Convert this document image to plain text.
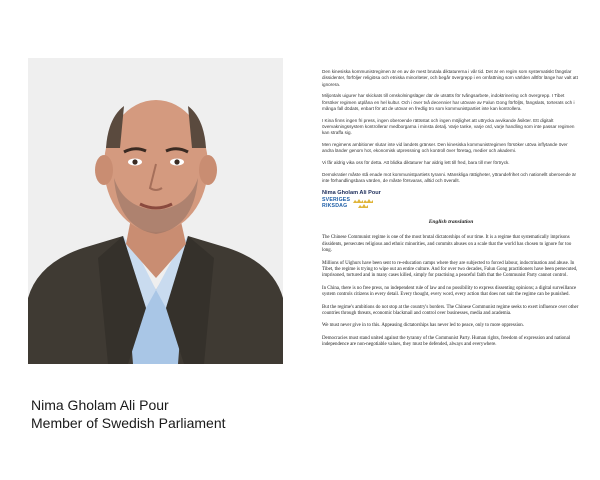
Nima Gholam Ali Pour
Member of Swedish Parliament

Den kinesiska kommunistregimen är en av de mest brutala diktaturerna i vår tid. Det är en regim som systematiskt fängslar dissidenter, förföljer religiösa och etniska minoriteter, och begår övergrepp i en omfattning som världen alltför länge har valt att ignorera.

Miljontals uigurer har skickats till omskolningsläger där de utsätts för tvångsarbete, indoktrinering och övergrepp. I Tibet försöker regimen utplåna en hel kultur. Och i över två decennier har utövare av Falun Gong förföljts, fängslats, torterats och i många fall dödats, enbart för att de utövar en fredlig tro som kommunistpartiet inte kan kontrollera.

I Kina finns ingen fri press, ingen oberoende rättsstat och ingen möjlighet att uttrycka avvikande åsikter. Ett digitalt övervakningssystem kontrollerar medborgarna i minsta detalj. Varje tanke, varje ord, varje handling som inte passar regimen kan straffa sig.

Men regimens ambitioner slutar inte vid landets gränser. Den kinesiska kommunistregimen försöker utöva inflytande över andra länder genom hot, ekonomisk utpressning och kontroll över företag, medier och akademi.

Vi får aldrig vika oss för detta. Att blidka diktaturer har aldrig lett till fred, bara till mer förtryck.

Demokratier måste stå enade mot kommunistpartiets tyranni. Mänskliga rättigheter, yttrandefrihet och nationellt oberoende är inte förhandlingsbara värden, de måste försvaras, alltid och överallt.

Nima Gholam Ali Pour
SVERIGES
RIKSDAG
English translation

The Chinese Communist regime is one of the most brutal dictatorships of our time. It is a regime that systematically imprisons dissidents, persecutes religious and ethnic minorities, and commits abuses on a scale that the world has chosen to ignore for too long.

Millions of Uighurs have been sent to re-education camps where they are subjected to forced labour, indoctrination and abuse. In Tibet, the regime is trying to wipe out an entire culture. And for over two decades, Falun Gong practitioners have been persecuted, imprisoned, tortured and in many cases killed, simply for practising a peaceful faith that the Communist Party cannot control.

In China, there is no free press, no independent rule of law and no possibility to express dissenting opinions; a digital surveillance system controls citizens in every detail. Every thought, every word, every action that does not suit the regime can be punished.

But the regime's ambitions do not stop at the country's borders. The Chinese Communist regime seeks to exert influence over other countries through threats, economic blackmail and control over businesses, media and academia.

We must never give in to this. Appeasing dictatorships has never led to peace, only to more oppression.

Democracies must stand united against the tyranny of the Communist Party. Human rights, freedom of expression and national independence are non-negotiable values, they must be defended, always and everywhere.
